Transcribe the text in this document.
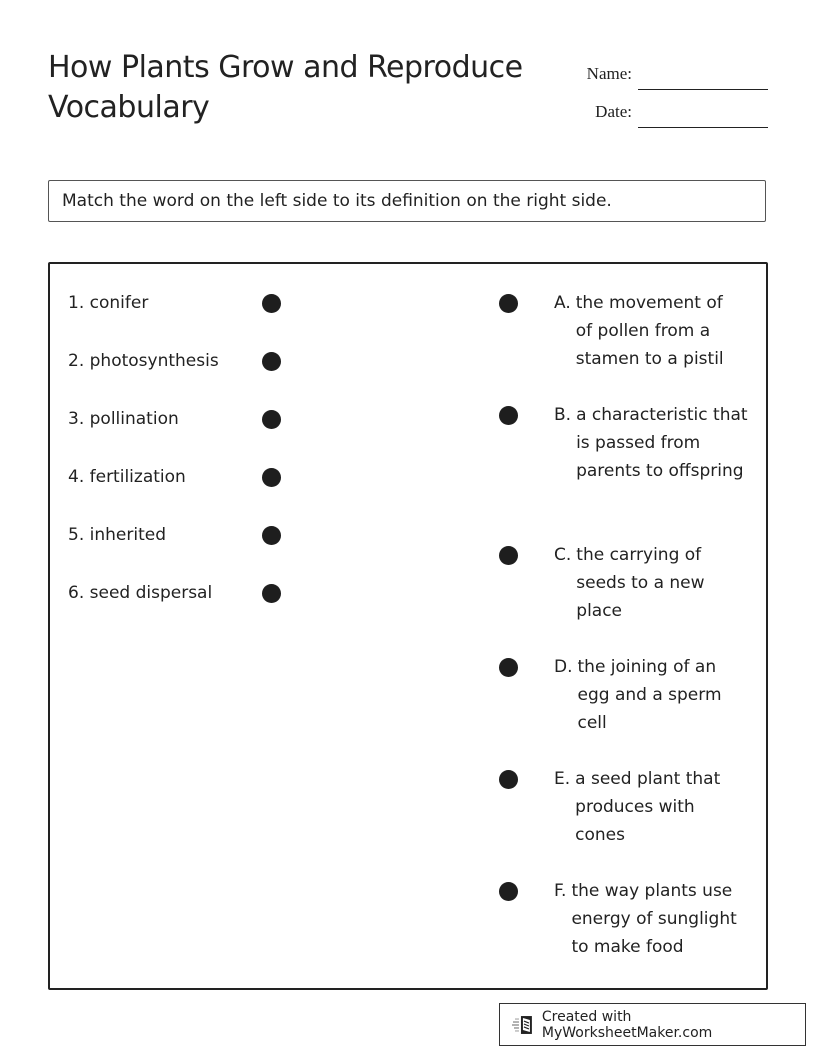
How Plants Grow and Reproduce Vocabulary
Name:
Date:
Match the word on the left side to its definition on the right side.
1. conifer
2. photosynthesis
3. pollination
4. fertilization
5. inherited
6. seed dispersal
A. the movement of of pollen from a stamen to a pistil
B. a characteristic that is passed from parents to offspring
C. the carrying of seeds to a new place
D. the joining of an egg and a sperm cell
E. a seed plant that produces with cones
F. the way plants use energy of sunglight to make food
Created with MyWorksheetMaker.com
